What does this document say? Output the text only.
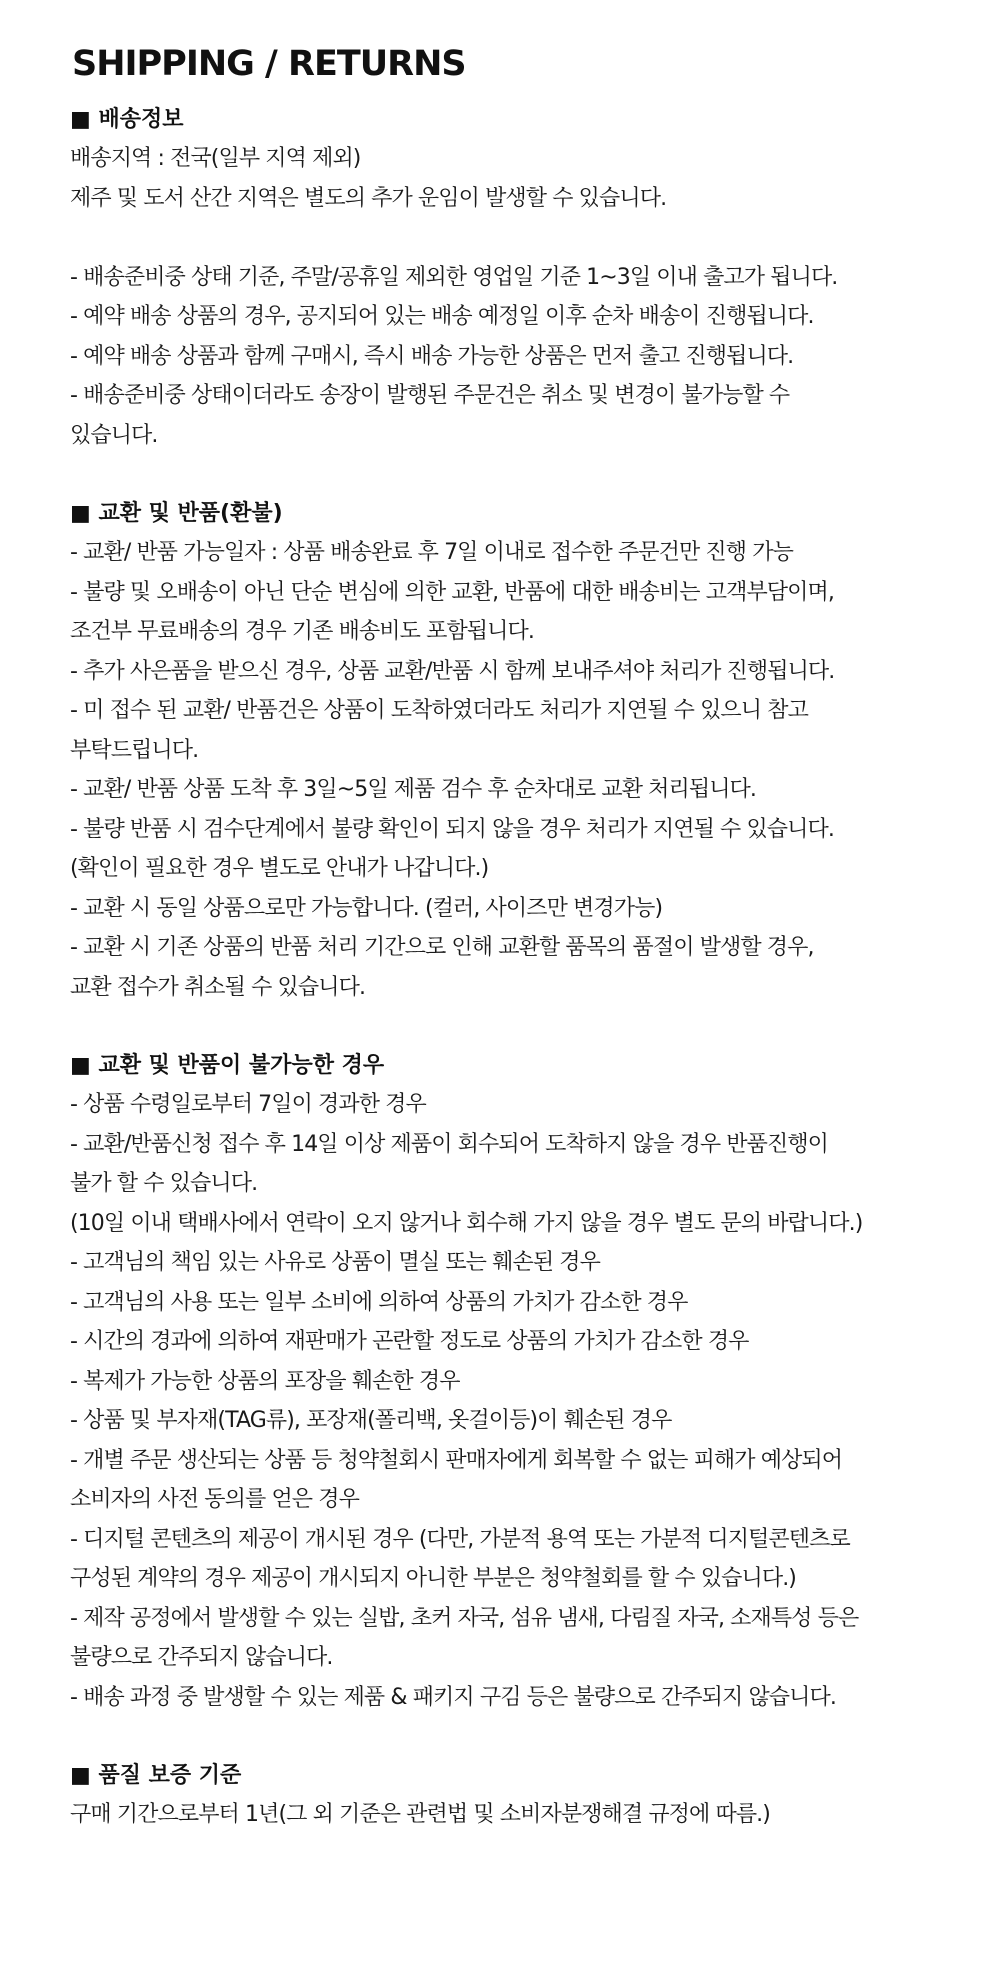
SHIPPING / RETURNS
■ 배송정보
배송지역 : 전국(일부 지역 제외)
제주 및 도서 산간 지역은 별도의 추가 운임이 발생할 수 있습니다.
- 배송준비중 상태 기준, 주말/공휴일 제외한 영업일 기준 1~3일 이내 출고가 됩니다.
- 예약 배송 상품의 경우, 공지되어 있는 배송 예정일 이후 순차 배송이 진행됩니다.
- 예약 배송 상품과 함께 구매시, 즉시 배송 가능한 상품은 먼저 출고 진행됩니다.
- 배송준비중 상태이더라도 송장이 발행된 주문건은 취소 및 변경이 불가능할 수
있습니다.
■ 교환 및 반품(환불)
- 교환/ 반품 가능일자 : 상품 배송완료 후 7일 이내로 접수한 주문건만 진행 가능
- 불량 및 오배송이 아닌 단순 변심에 의한 교환, 반품에 대한 배송비는 고객부담이며,
조건부 무료배송의 경우 기존 배송비도 포함됩니다.
- 추가 사은품을 받으신 경우, 상품 교환/반품 시 함께 보내주셔야 처리가 진행됩니다.
- 미 접수 된 교환/ 반품건은 상품이 도착하였더라도 처리가 지연될 수 있으니 참고
부탁드립니다.
- 교환/ 반품 상품 도착 후 3일~5일 제품 검수 후 순차대로 교환 처리됩니다.
- 불량 반품 시 검수단계에서 불량 확인이 되지 않을 경우 처리가 지연될 수 있습니다.
(확인이 필요한 경우 별도로 안내가 나갑니다.)
- 교환 시 동일 상품으로만 가능합니다. (컬러, 사이즈만 변경가능)
- 교환 시 기존 상품의 반품 처리 기간으로 인해 교환할 품목의 품절이 발생할 경우,
교환 접수가 취소될 수 있습니다.
■ 교환 및 반품이 불가능한 경우
- 상품 수령일로부터 7일이 경과한 경우
- 교환/반품신청 접수 후 14일 이상 제품이 회수되어 도착하지 않을 경우 반품진행이
불가 할 수 있습니다.
(10일 이내 택배사에서 연락이 오지 않거나 회수해 가지 않을 경우 별도 문의 바랍니다.)
- 고객님의 책임 있는 사유로 상품이 멸실 또는 훼손된 경우
- 고객님의 사용 또는 일부 소비에 의하여 상품의 가치가 감소한 경우
- 시간의 경과에 의하여 재판매가 곤란할 정도로 상품의 가치가 감소한 경우
- 복제가 가능한 상품의 포장을 훼손한 경우
- 상품 및 부자재(TAG류), 포장재(폴리백, 옷걸이등)이 훼손된 경우
- 개별 주문 생산되는 상품 등 청약철회시 판매자에게 회복할 수 없는 피해가 예상되어
소비자의 사전 동의를 얻은 경우
- 디지털 콘텐츠의 제공이 개시된 경우 (다만, 가분적 용역 또는 가분적 디지털콘텐츠로
구성된 계약의 경우 제공이 개시되지 아니한 부분은 청약철회를 할 수 있습니다.)
- 제작 공정에서 발생할 수 있는 실밥, 초커 자국, 섬유 냄새, 다림질 자국, 소재특성 등은
불량으로 간주되지 않습니다.
- 배송 과정 중 발생할 수 있는 제품 & 패키지 구김 등은 불량으로 간주되지 않습니다.
■ 품질 보증 기준
구매 기간으로부터 1년(그 외 기준은 관련법 및 소비자분쟁해결 규정에 따름.)
